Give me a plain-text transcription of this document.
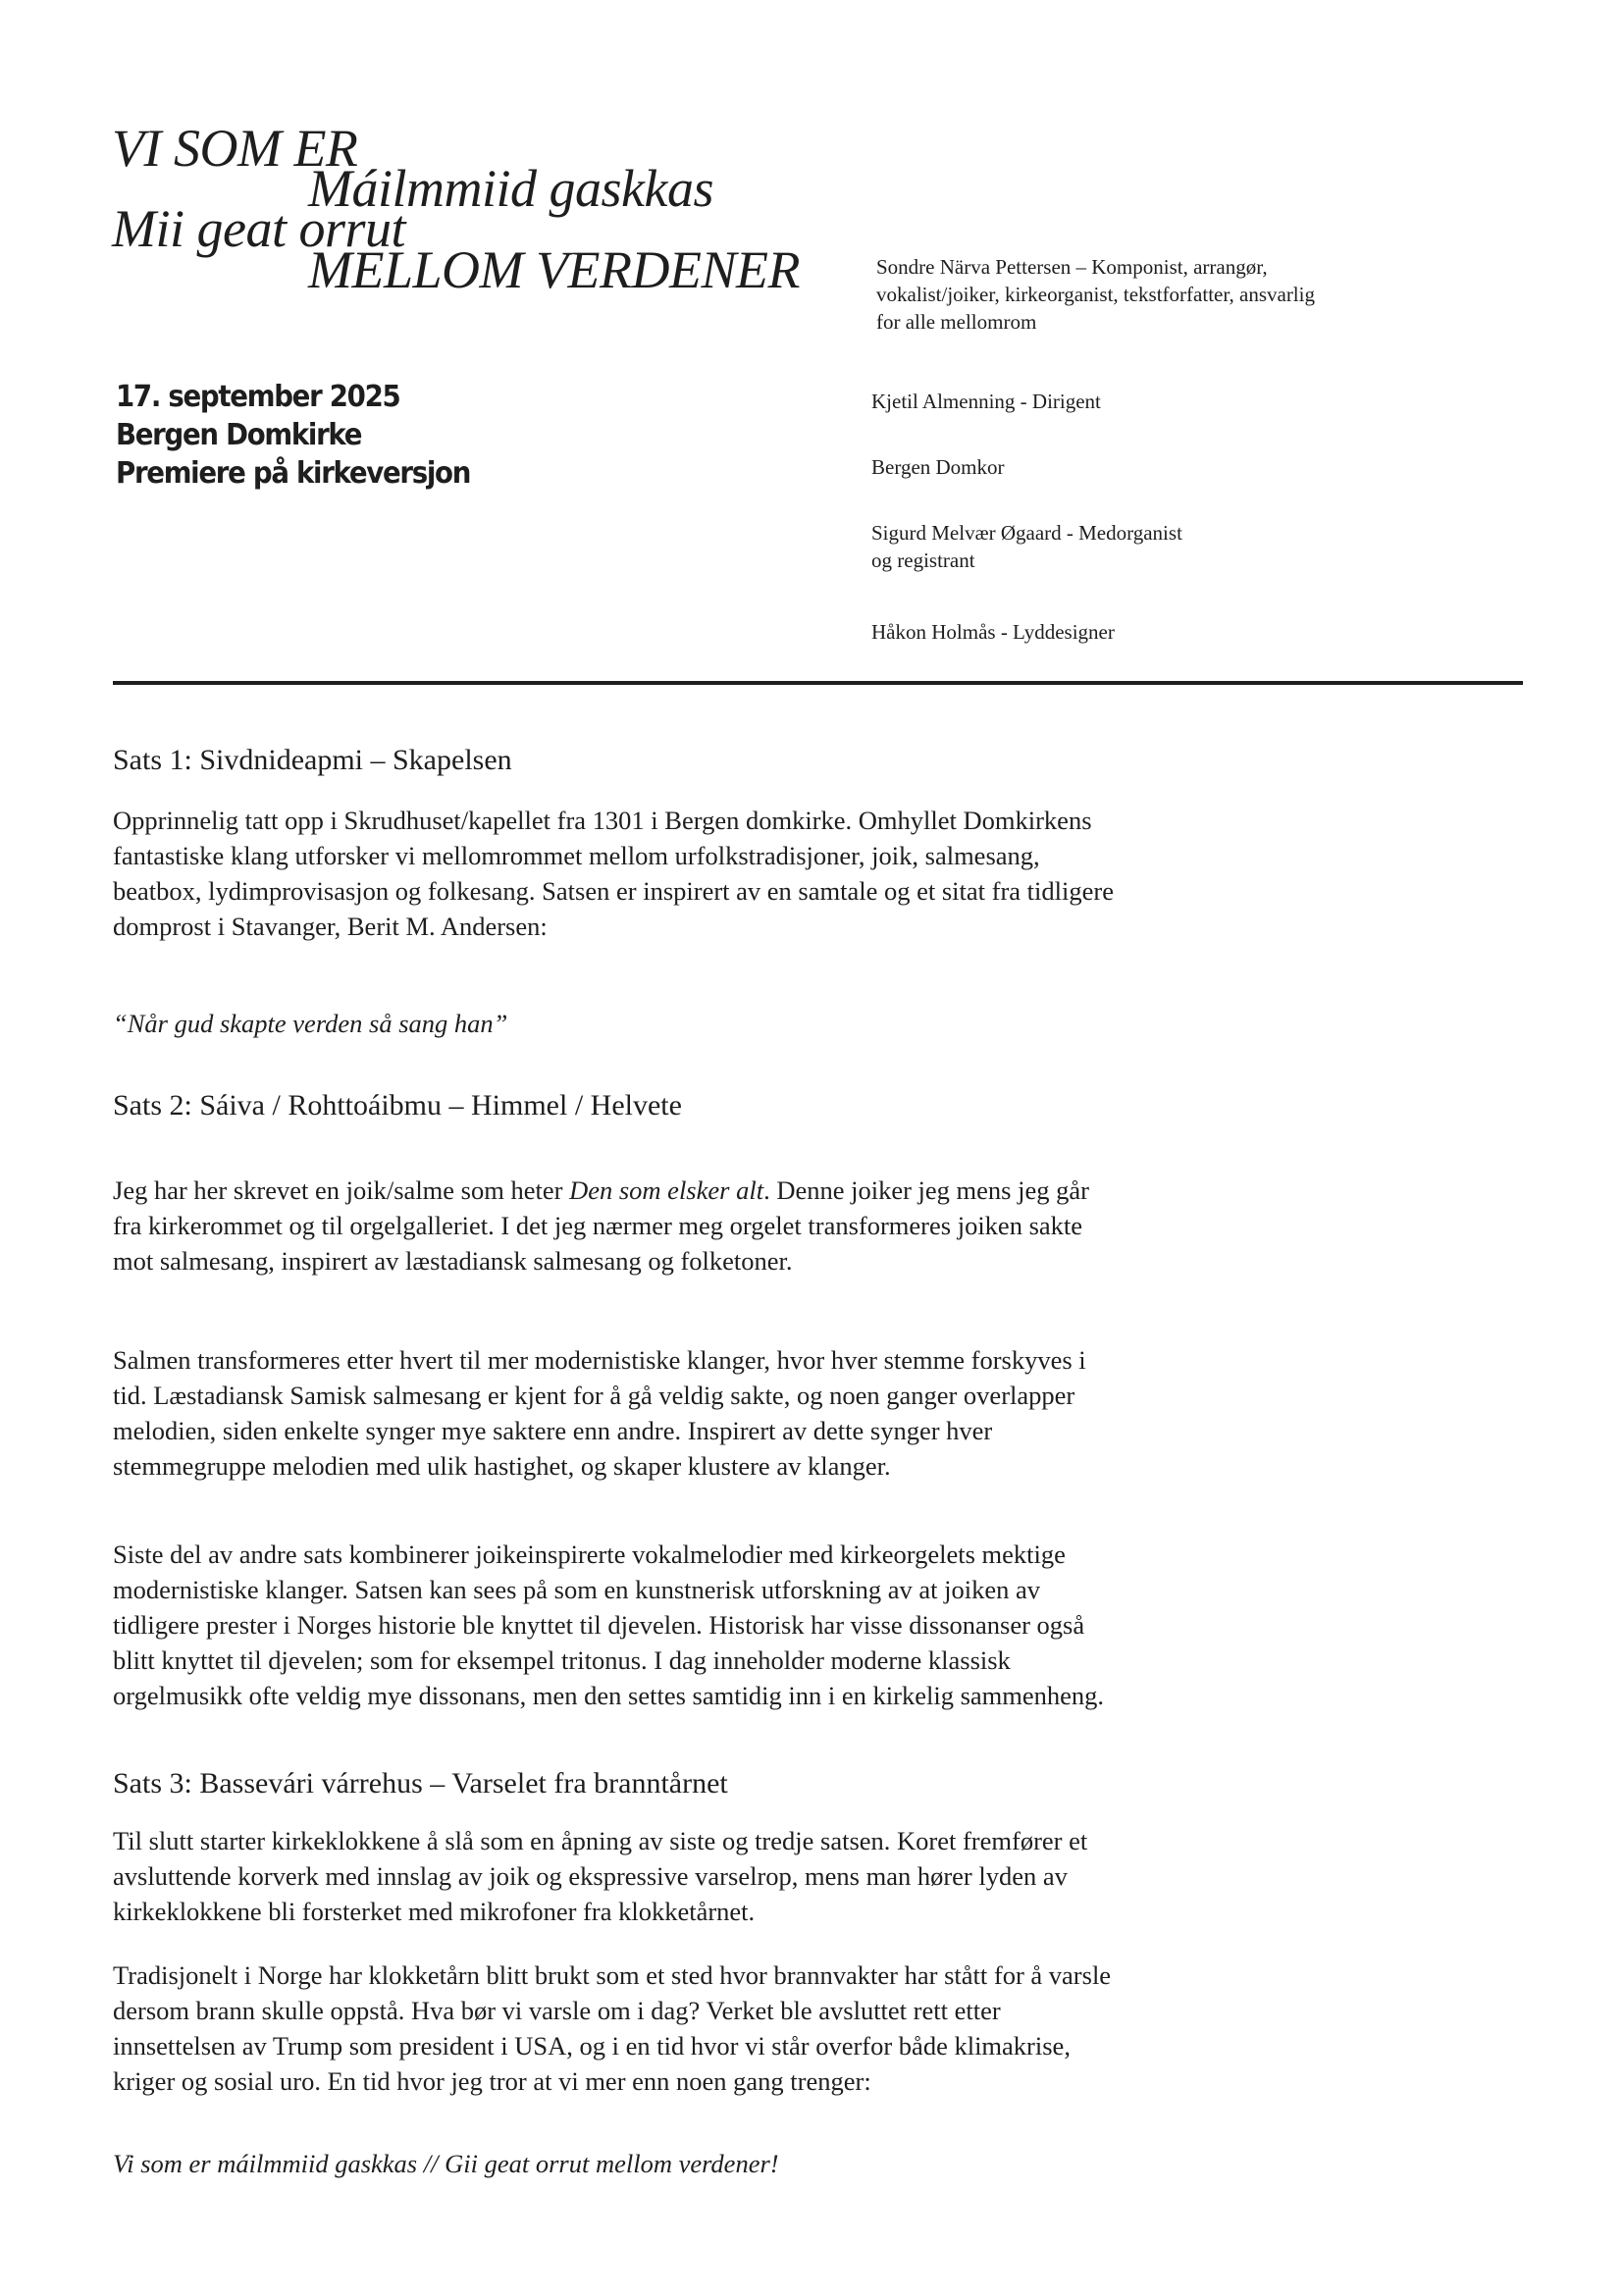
VI SOM ER
Máilmmiid gaskkas
Mii geat orrut
MELLOM VERDENER
17. september 2025
Bergen Domkirke
Premiere på kirkeversjon
Sondre Närva Pettersen – Komponist, arrangør,
vokalist/joiker, kirkeorganist, tekstforfatter, ansvarlig
for alle mellomrom
Kjetil Almenning - Dirigent
Bergen Domkor
Sigurd Melvær Øgaard - Medorganist
og registrant
Håkon Holmås - Lyddesigner
Sats 1: Sivdnideapmi – Skapelsen
Opprinnelig tatt opp i Skrudhuset/kapellet fra 1301 i Bergen domkirke. Omhyllet Domkirkens
fantastiske klang utforsker vi mellomrommet mellom urfolkstradisjoner, joik, salmesang,
beatbox, lydimprovisasjon og folkesang. Satsen er inspirert av en samtale og et sitat fra tidligere
domprost i Stavanger, Berit M. Andersen:
“Når gud skapte verden så sang han”
Sats 2: Sáiva / Rohttoáibmu – Himmel / Helvete
Jeg har her skrevet en joik/salme som heter Den som elsker alt. Denne joiker jeg mens jeg går
fra kirkerommet og til orgelgalleriet. I det jeg nærmer meg orgelet transformeres joiken sakte
mot salmesang, inspirert av læstadiansk salmesang og folketoner.
Salmen transformeres etter hvert til mer modernistiske klanger, hvor hver stemme forskyves i
tid. Læstadiansk Samisk salmesang er kjent for å gå veldig sakte, og noen ganger overlapper
melodien, siden enkelte synger mye saktere enn andre. Inspirert av dette synger hver
stemmegruppe melodien med ulik hastighet, og skaper klustere av klanger.
Siste del av andre sats kombinerer joikeinspirerte vokalmelodier med kirkeorgelets mektige
modernistiske klanger. Satsen kan sees på som en kunstnerisk utforskning av at joiken av
tidligere prester i Norges historie ble knyttet til djevelen. Historisk har visse dissonanser også
blitt knyttet til djevelen; som for eksempel tritonus. I dag inneholder moderne klassisk
orgelmusikk ofte veldig mye dissonans, men den settes samtidig inn i en kirkelig sammenheng.
Sats 3: Bassevári várrehus – Varselet fra branntårnet
Til slutt starter kirkeklokkene å slå som en åpning av siste og tredje satsen. Koret fremfører et
avsluttende korverk med innslag av joik og ekspressive varselrop, mens man hører lyden av
kirkeklokkene bli forsterket med mikrofoner fra klokketårnet.
Tradisjonelt i Norge har klokketårn blitt brukt som et sted hvor brannvakter har stått for å varsle
dersom brann skulle oppstå. Hva bør vi varsle om i dag? Verket ble avsluttet rett etter
innsettelsen av Trump som president i USA, og i en tid hvor vi står overfor både klimakrise,
kriger og sosial uro. En tid hvor jeg tror at vi mer enn noen gang trenger:
Vi som er máilmmiid gaskkas // Gii geat orrut mellom verdener!
